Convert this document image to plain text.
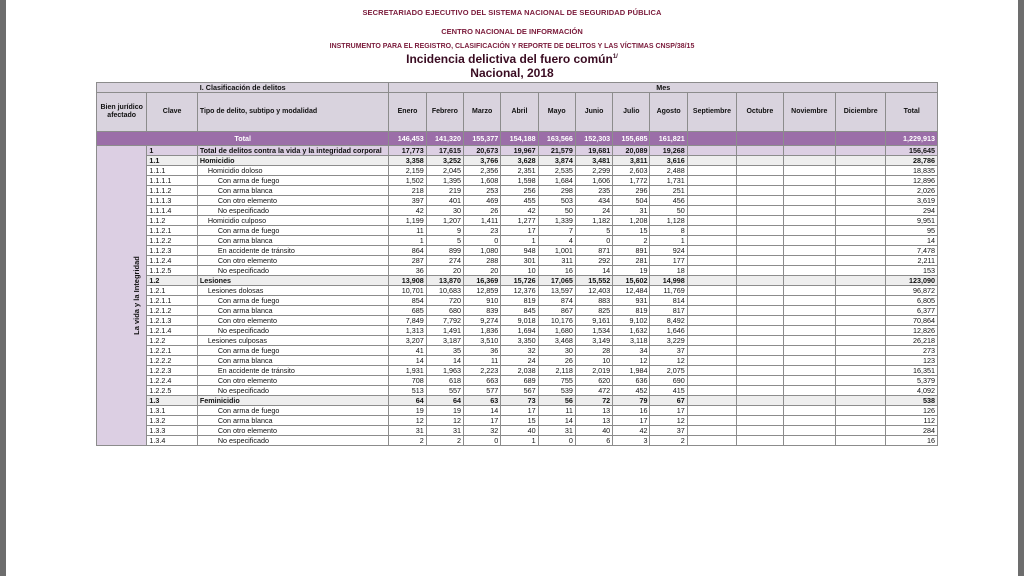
SECRETARIADO EJECUTIVO DEL SISTEMA NACIONAL DE SEGURIDAD PÚBLICA
CENTRO NACIONAL DE INFORMACIÓN
INSTRUMENTO PARA EL REGISTRO, CLASIFICACIÓN Y REPORTE DE DELITOS Y LAS VÍCTIMAS CNSP/38/15
Incidencia delictiva del fuero común$^{1/}$
Nacional, 2018
I. Clasificación de delitos			Mes												
Bien jurídico afectado	Clave	Tipo de delito, subtipo y modalidad	Enero	Febrero	Marzo	Abril	Mayo	Junio	Julio	Agosto	Septiembre	Octubre	Noviembre	Diciembre	Total
Total			146,453	141,320	155,377	154,188	163,566	152,303	155,685	161,821					1,229,913
La vida y la Integridad	1	Total de delitos contra la vida y la integridad corporal	17,773	17,615	20,673	19,967	21,579	19,681	20,089	19,268					156,645
	1.1	Homicidio	3,358	3,252	3,766	3,628	3,874	3,481	3,811	3,616					28,786
	1.1.1	Homicidio doloso	2,159	2,045	2,356	2,351	2,535	2,299	2,603	2,488					18,835
	1.1.1.1	Con arma de fuego	1,502	1,395	1,608	1,598	1,684	1,606	1,772	1,731					12,896
	1.1.1.2	Con arma blanca	218	219	253	256	298	235	296	251					2,026
	1.1.1.3	Con otro elemento	397	401	469	455	503	434	504	456					3,619
	1.1.1.4	No especificado	42	30	26	42	50	24	31	50					294
	1.1.2	Homicidio culposo	1,199	1,207	1,411	1,277	1,339	1,182	1,208	1,128					9,951
	1.1.2.1	Con arma de fuego	11	9	23	17	7	5	15	8					95
	1.1.2.2	Con arma blanca	1	5	0	1	4	0	2	1					14
	1.1.2.3	En accidente de tránsito	864	899	1,080	948	1,001	871	891	924					7,478
	1.1.2.4	Con otro elemento	287	274	288	301	311	292	281	177					2,211
	1.1.2.5	No especificado	36	20	20	10	16	14	19	18					153
	1.2	Lesiones	13,908	13,870	16,369	15,726	17,065	15,552	15,602	14,998					123,090
	1.2.1	Lesiones dolosas	10,701	10,683	12,859	12,376	13,597	12,403	12,484	11,769					96,872
	1.2.1.1	Con arma de fuego	854	720	910	819	874	883	931	814					6,805
	1.2.1.2	Con arma blanca	685	680	839	845	867	825	819	817					6,377
	1.2.1.3	Con otro elemento	7,849	7,792	9,274	9,018	10,176	9,161	9,102	8,492					70,864
	1.2.1.4	No especificado	1,313	1,491	1,836	1,694	1,680	1,534	1,632	1,646					12,826
	1.2.2	Lesiones culposas	3,207	3,187	3,510	3,350	3,468	3,149	3,118	3,229					26,218
	1.2.2.1	Con arma de fuego	41	35	36	32	30	28	34	37					273
	1.2.2.2	Con arma blanca	14	14	11	24	26	10	12	12					123
	1.2.2.3	En accidente de tránsito	1,931	1,963	2,223	2,038	2,118	2,019	1,984	2,075					16,351
	1.2.2.4	Con otro elemento	708	618	663	689	755	620	636	690					5,379
	1.2.2.5	No especificado	513	557	577	567	539	472	452	415					4,092
	1.3	Feminicidio	64	64	63	73	56	72	79	67					538
	1.3.1	Con arma de fuego	19	19	14	17	11	13	16	17					126
	1.3.2	Con arma blanca	12	12	17	15	14	13	17	12					112
	1.3.3	Con otro elemento	31	31	32	40	31	40	42	37					284
	1.3.4	No especificado	2	2	0	1	0	6	3	2					16
